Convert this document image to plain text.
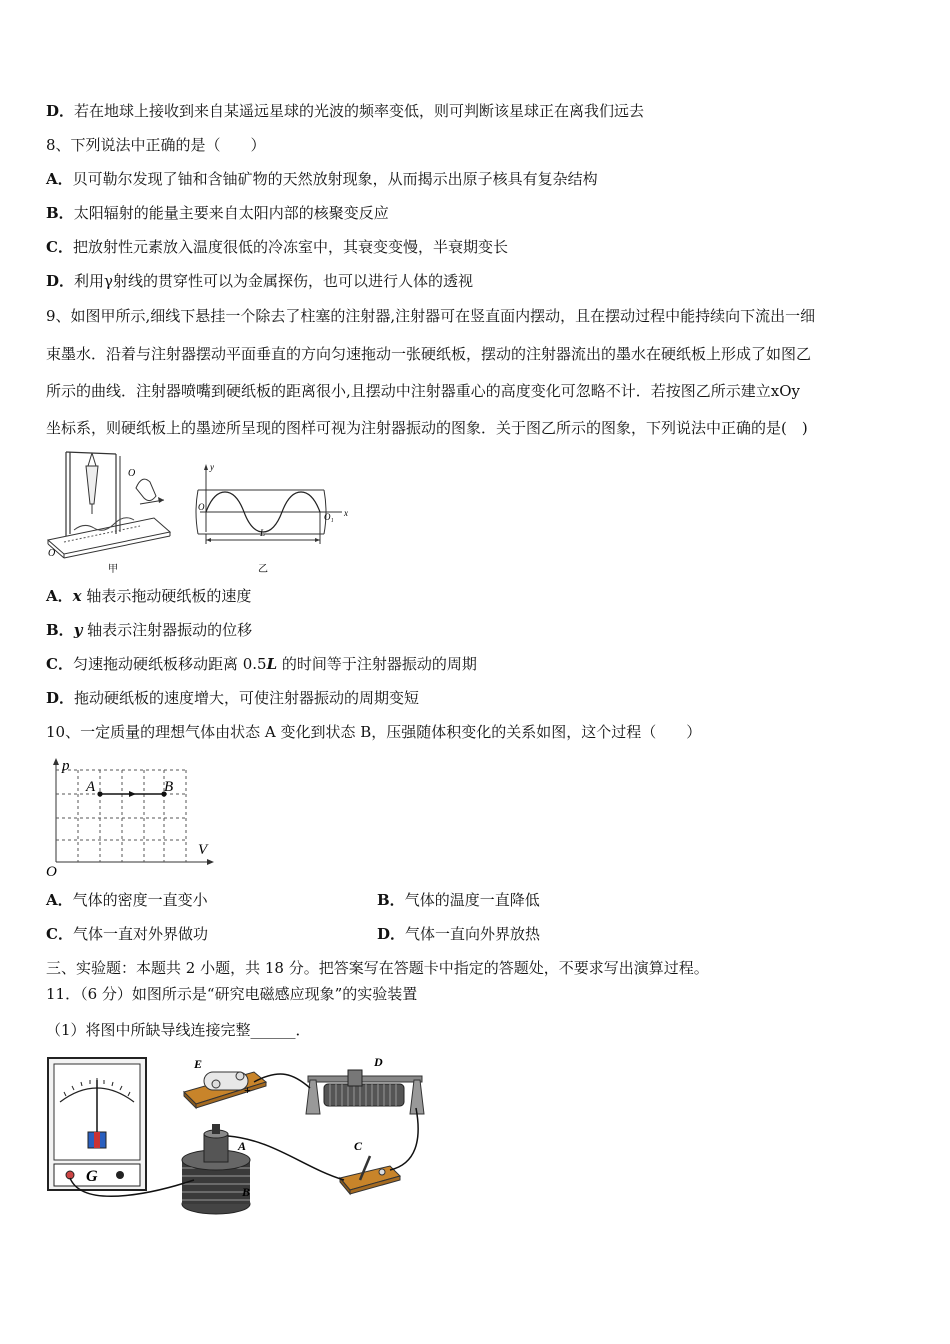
D．若在地球上接收到来自某遥远星球的光波的频率变低，则可判断该星球正在离我们远去
8、下列说法中正确的是（　　）
A．贝可勒尔发现了铀和含铀矿物的天然放射现象，从而揭示出原子核具有复杂结构
B．太阳辐射的能量主要来自太阳内部的核聚变反应
C．把放射性元素放入温度很低的冷冻室中，其衰变变慢，半衰期变长
D．利用γ射线的贯穿性可以为金属探伤，也可以进行人体的透视
9、如图甲所示,细线下悬挂一个除去了柱塞的注射器,注射器可在竖直面内摆动，且在摆动过程中能持续向下流出一细
束墨水．沿着与注射器摆动平面垂直的方向匀速拖动一张硬纸板，摆动的注射器流出的墨水在硬纸板上形成了如图乙
所示的曲线．注射器喷嘴到硬纸板的距离很小,且摆动中注射器重心的高度变化可忽略不计．若按图乙所示建立xOy
坐标系，则硬纸板上的墨迹所呈现的图样可视为注射器振动的图象．关于图乙所示的图象，下列说法中正确的是(　)
O
O
甲
y
x
O
O₁
L
乙
A．x 轴表示拖动硬纸板的速度
B．y 轴表示注射器振动的位移
C．匀速拖动硬纸板移动距离 0.5L 的时间等于注射器振动的周期
D．拖动硬纸板的速度增大，可使注射器振动的周期变短
10、一定质量的理想气体由状态 A 变化到状态 B，压强随体积变化的关系如图，这个过程（　　）
p
V
O
A	B
A．气体的密度一直变小	B．气体的温度一直降低
C．气体一直对外界做功	D．气体一直向外界放热
三、实验题：本题共 2 小题，共 18 分。把答案写在答题卡中指定的答题处，不要求写出演算过程。
11．（6 分）如图所示是“研究电磁感应现象”的实验装置
（1）将图中所缺导线连接完整______．
G
E
+
D
A
B
C
